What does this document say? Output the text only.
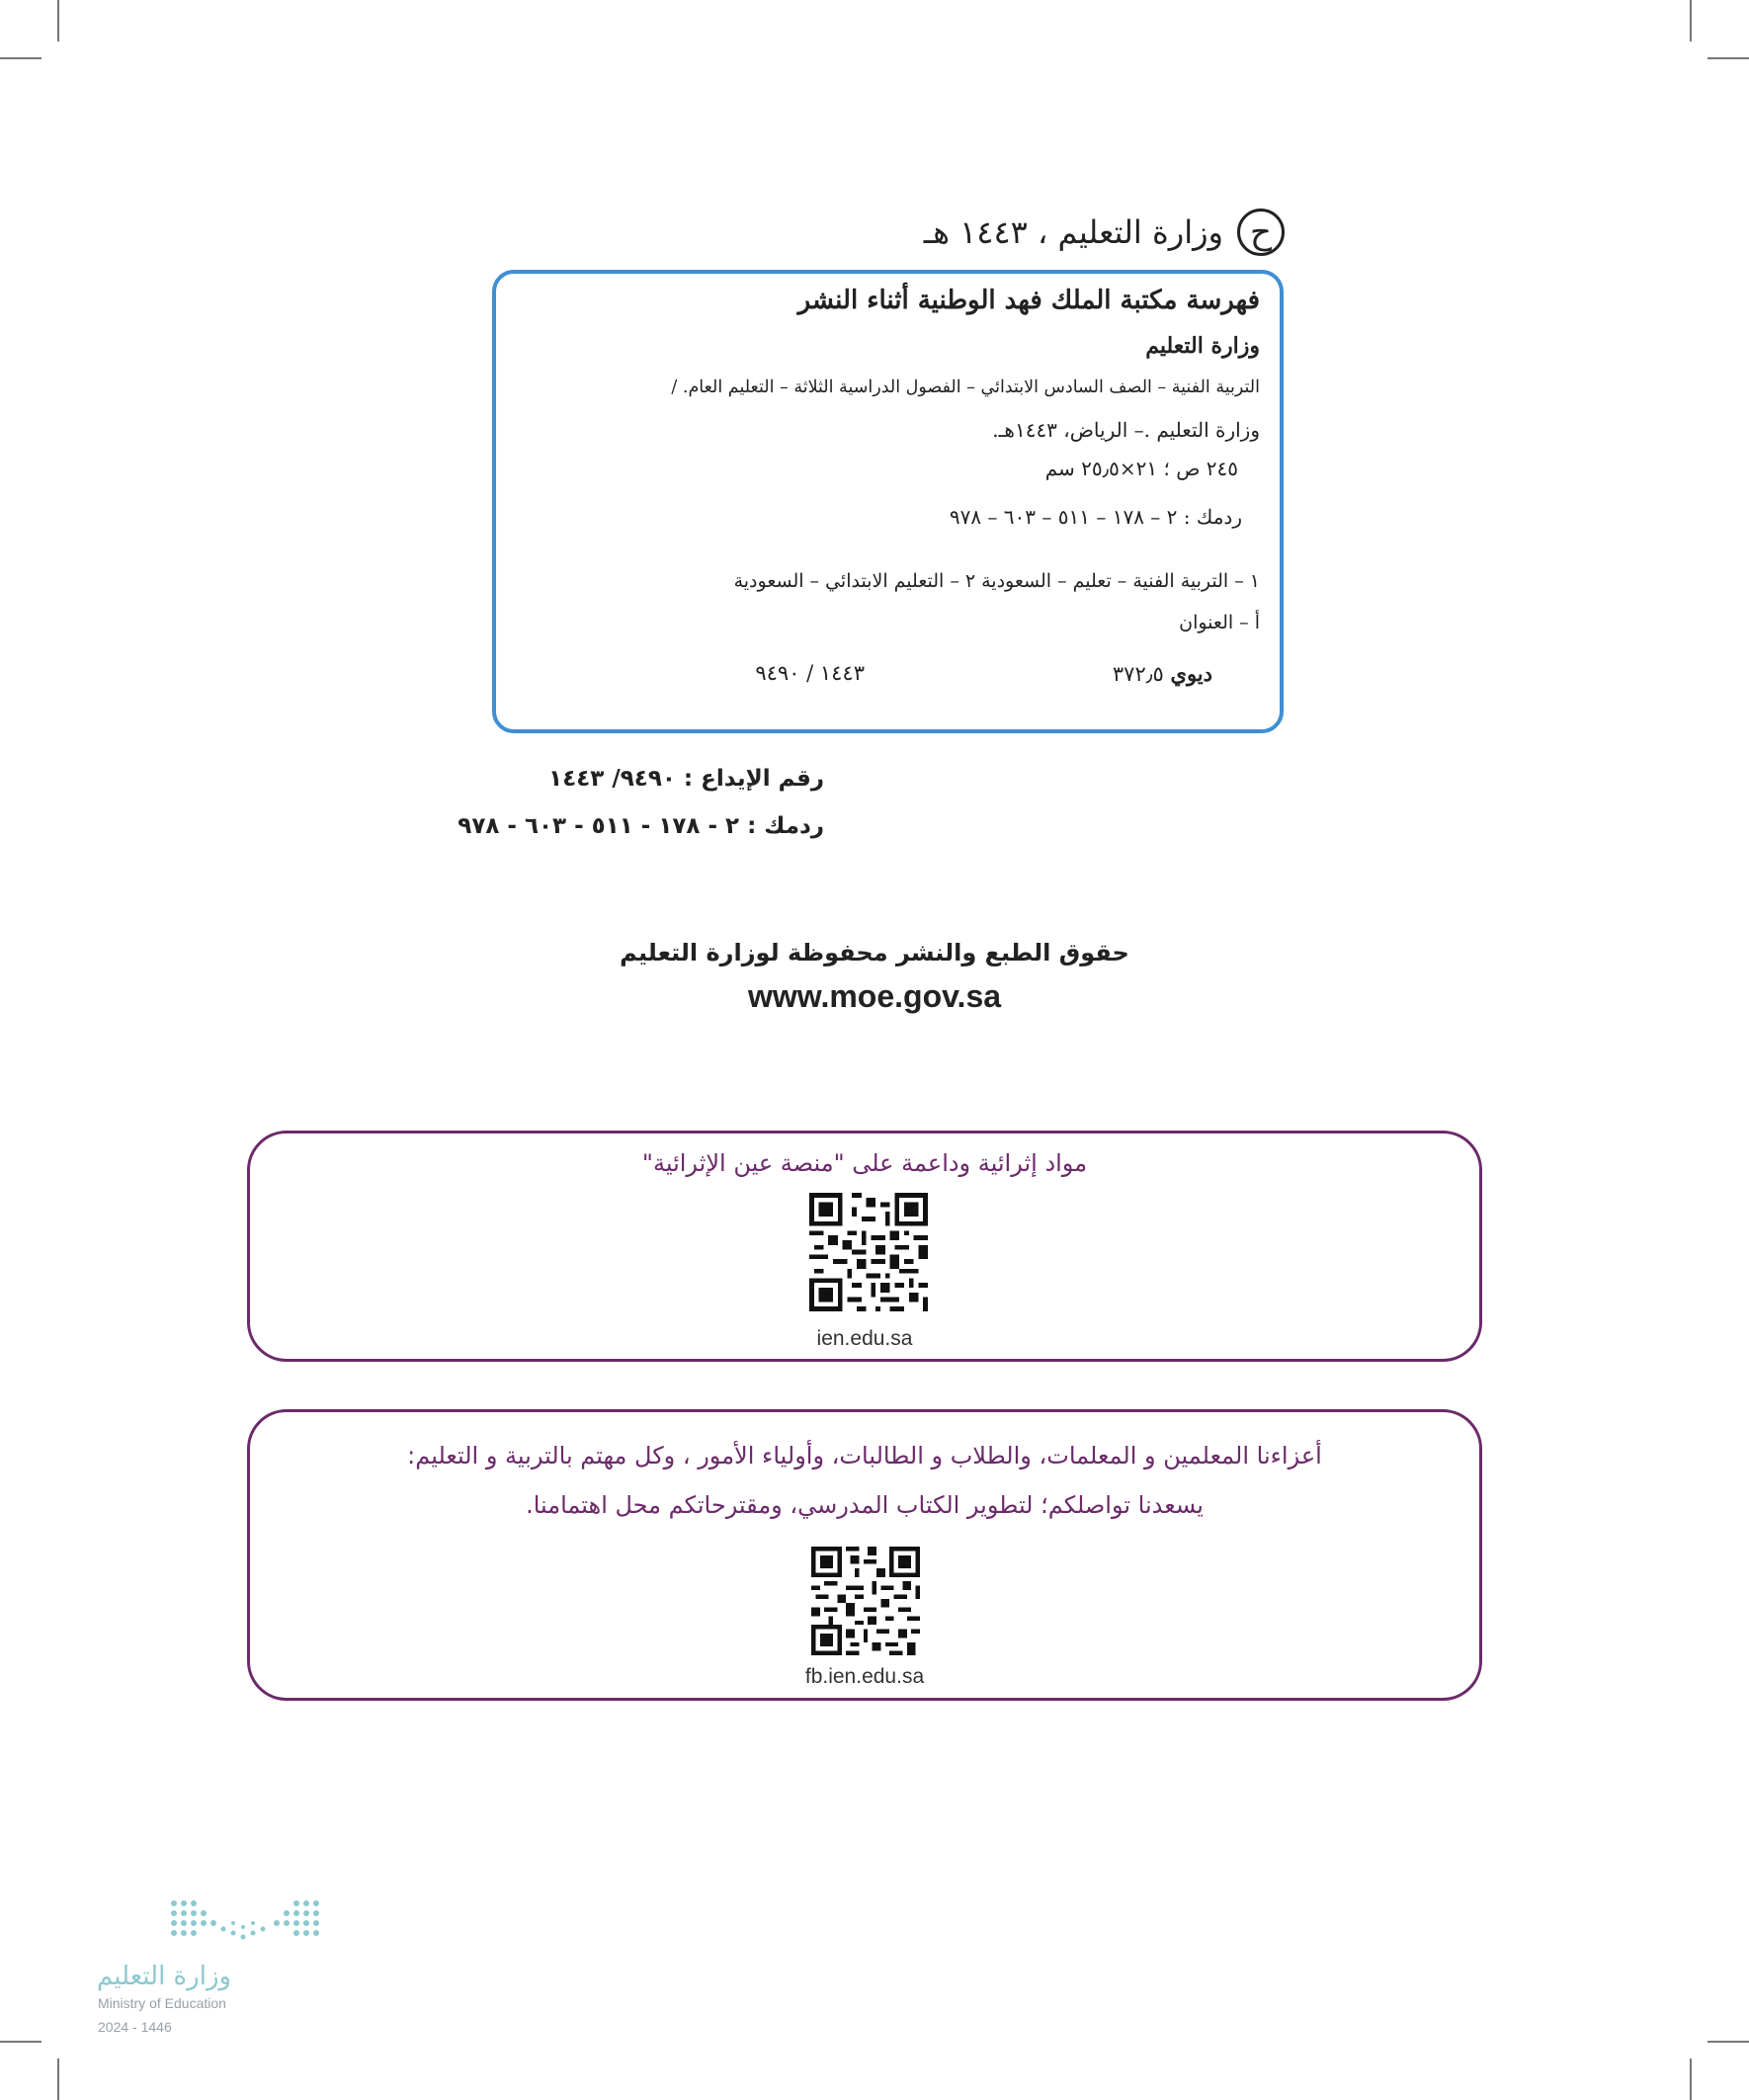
ح
وزارة التعليم ، ١٤٤٣ هـ
فهرسة مكتبة الملك فهد الوطنية أثناء النشر
وزارة التعليم
التربية الفنية – الصف السادس الابتدائي – الفصول الدراسية الثلاثة – التعليم العام. /
وزارة التعليم .– الرياض، ١٤٤٣هـ.
٢٤٥ ص ؛ ٢١×٢٥٫٥ سم
ردمك : ٢ – ١٧٨ – ٥١١ – ٦٠٣ – ٩٧٨
١ – التربية الفنية – تعليم – السعودية ٢ – التعليم الابتدائي – السعودية
أ – العنوان
ديوي ٣٧٢٫٥
١٤٤٣ / ٩٤٩٠
رقم الإيداع : ٩٤٩٠/ ١٤٤٣
ردمك : ٢ - ١٧٨ - ٥١١ - ٦٠٣ - ٩٧٨
حقوق الطبع والنشر محفوظة لوزارة التعليم
www.moe.gov.sa
مواد إثرائية وداعمة على "منصة عين الإثرائية"
ien.edu.sa
أعزاءنا المعلمين و المعلمات، والطلاب و الطالبات، وأولياء الأمور ، وكل مهتم بالتربية و التعليم:
يسعدنا تواصلكم؛ لتطوير الكتاب المدرسي، ومقترحاتكم محل اهتمامنا.
fb.ien.edu.sa
وزارة التعليم
Ministry of Education
2024 - 1446
